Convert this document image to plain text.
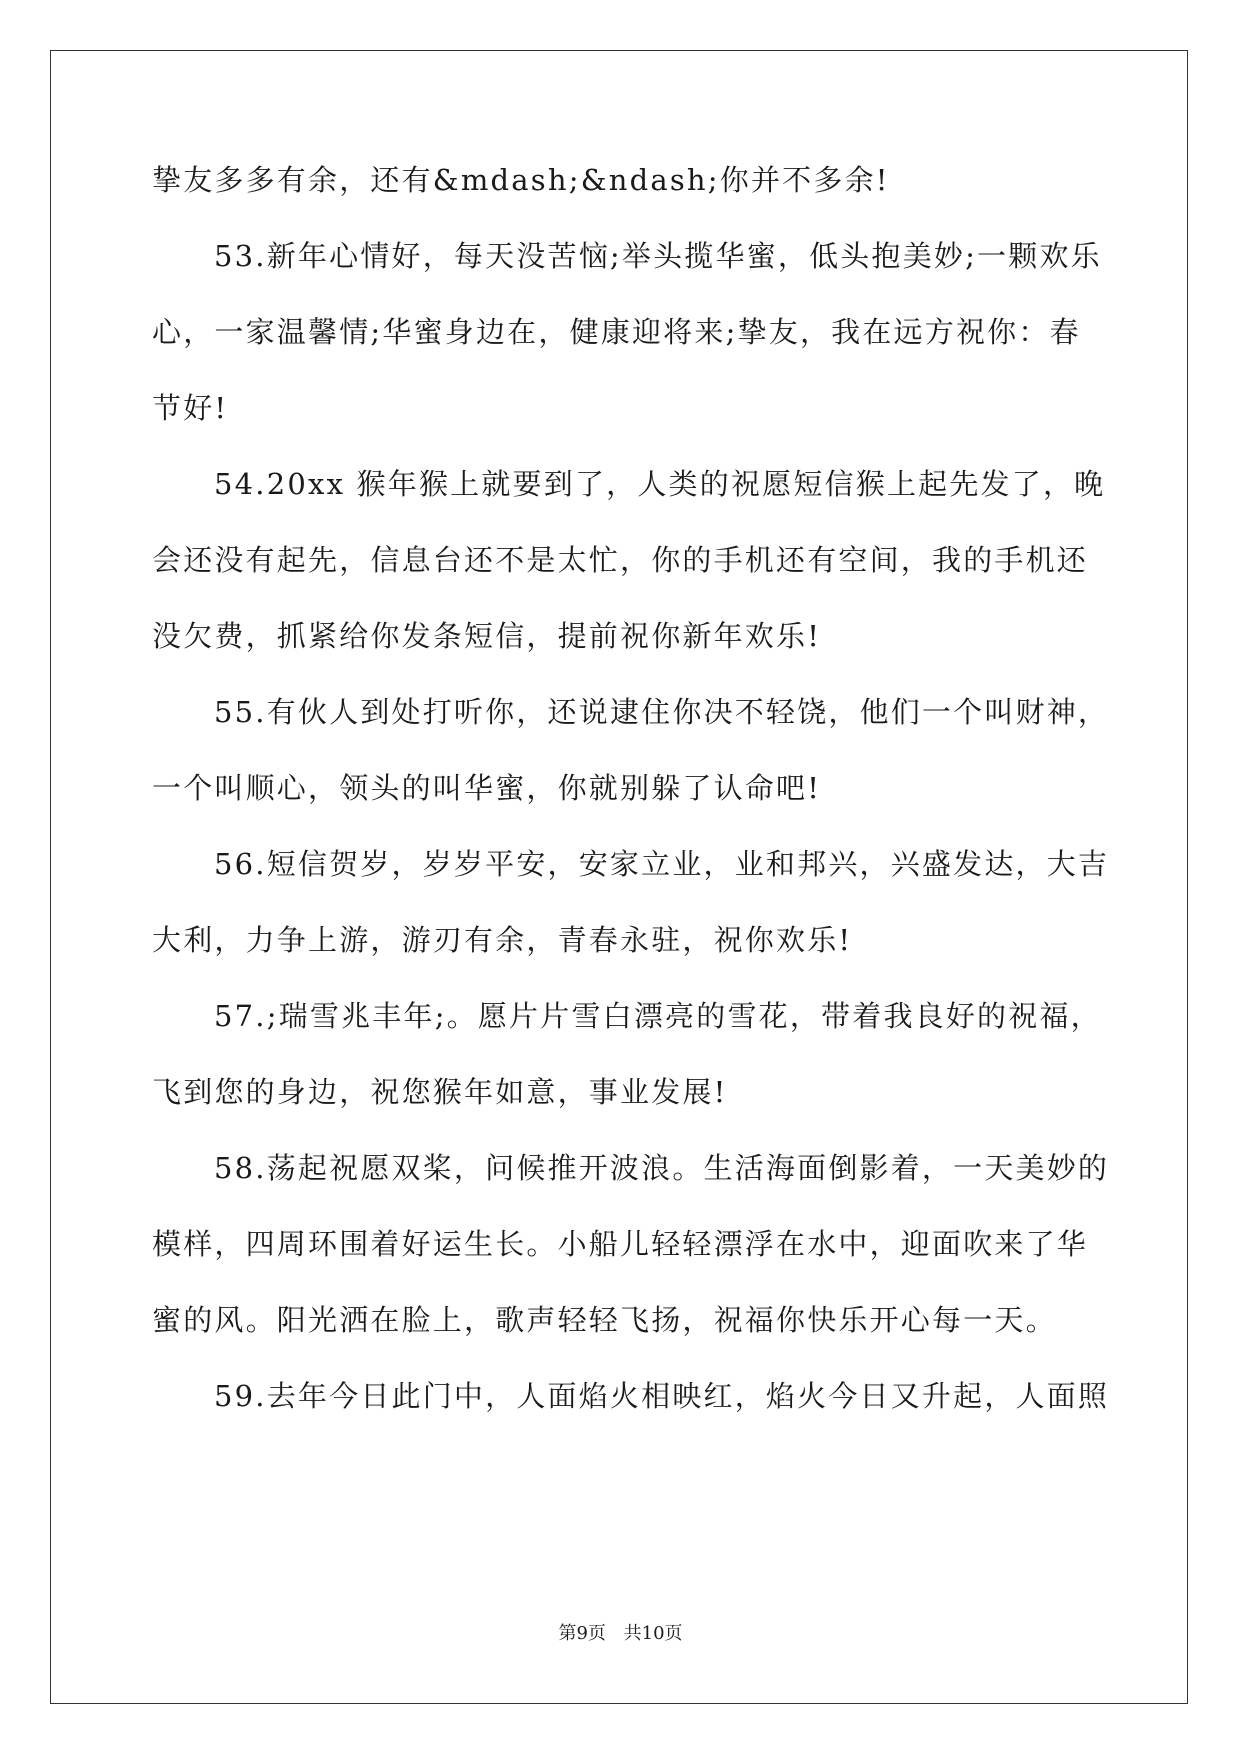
挚友多多有余，还有&mdash;&ndash;你并不多余!
53.新年心情好，每天没苦恼;举头揽华蜜，低头抱美妙;一颗欢乐
心，一家温馨情;华蜜身边在，健康迎将来;挚友，我在远方祝你：春
节好!
54.20xx 猴年猴上就要到了，人类的祝愿短信猴上起先发了，晚
会还没有起先，信息台还不是太忙，你的手机还有空间，我的手机还
没欠费，抓紧给你发条短信，提前祝你新年欢乐!
55.有伙人到处打听你，还说逮住你决不轻饶，他们一个叫财神，
一个叫顺心，领头的叫华蜜，你就别躲了认命吧!
56.短信贺岁，岁岁平安，安家立业，业和邦兴，兴盛发达，大吉
大利，力争上游，游刃有余，青春永驻，祝你欢乐!
57.;瑞雪兆丰年;。愿片片雪白漂亮的雪花，带着我良好的祝福，
飞到您的身边，祝您猴年如意，事业发展!
58.荡起祝愿双桨，问候推开波浪。生活海面倒影着，一天美妙的
模样，四周环围着好运生长。小船儿轻轻漂浮在水中，迎面吹来了华
蜜的风。阳光洒在脸上，歌声轻轻飞扬，祝福你快乐开心每一天。
59.去年今日此门中，人面焰火相映红，焰火今日又升起，人面照
第9页 共10页
